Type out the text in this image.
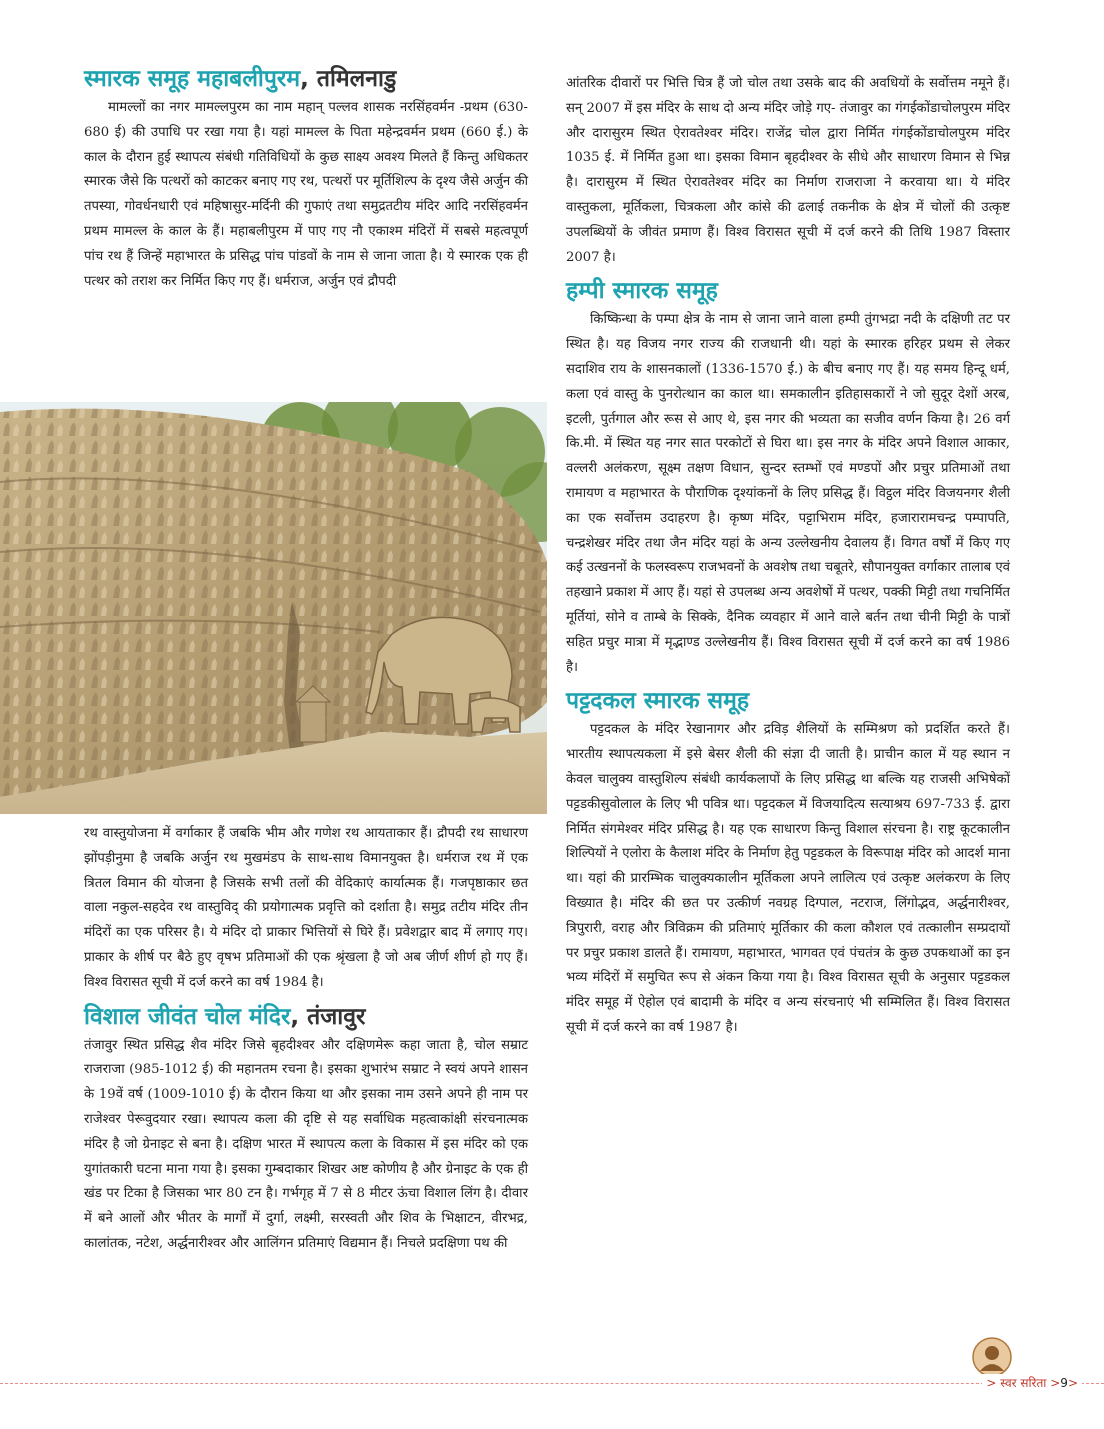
स्मारक समूह महाबलीपुरम, तमिलनाडु

मामल्लों का नगर मामल्लपुरम का नाम महान् पल्लव शासक नरसिंहवर्मन -प्रथम (630-680 ई) की उपाधि पर रखा गया है। यहां मामल्ल के पिता महेन्द्रवर्मन प्रथम (660 ई.) के काल के दौरान हुई स्थापत्य संबंधी गतिविधियों के कुछ साक्ष्य अवश्य मिलते हैं किन्तु अधिकतर स्मारक जैसे कि पत्थरों को काटकर बनाए गए रथ, पत्थरों पर मूर्तिशिल्प के दृश्य जैसे अर्जुन की तपस्या, गोवर्धनधारी एवं महिषासुर-मर्दिनी की गुफाएं तथा समुद्रतटीय मंदिर आदि नरसिंहवर्मन प्रथम मामल्ल के काल के हैं। महाबलीपुरम में पाए गए नौ एकाश्म मंदिरों में सबसे महत्वपूर्ण पांच रथ हैं जिन्हें महाभारत के प्रसिद्ध पांच पांडवों के नाम से जाना जाता है। ये स्मारक एक ही पत्थर को तराश कर निर्मित किए गए हैं। धर्मराज, अर्जुन एवं द्रौपदी

रथ वास्तुयोजना में वर्गाकार हैं जबकि भीम और गणेश रथ आयताकार हैं। द्रौपदी रथ साधारण झोंपड़ीनुमा है जबकि अर्जुन रथ मुखमंडप के साथ-साथ विमानयुक्त है। धर्मराज रथ में एक त्रितल विमान की योजना है जिसके सभी तलों की वेदिकाएं कार्यात्मक हैं। गजपृष्ठाकार छत वाला नकुल-सहदेव रथ वास्तुविद् की प्रयोगात्मक प्रवृत्ति को दर्शाता है। समुद्र तटीय मंदिर तीन मंदिरों का एक परिसर है। ये मंदिर दो प्राकार भित्तियों से घिरे हैं। प्रवेशद्वार बाद में लगाए गए। प्राकार के शीर्ष पर बैठे हुए वृषभ प्रतिमाओं की एक श्रृंखला है जो अब जीर्ण शीर्ण हो गए हैं। विश्व विरासत सूची में दर्ज करने का वर्ष 1984 है।

विशाल जीवंत चोल मंदिर, तंजावुर

तंजावुर स्थित प्रसिद्ध शैव मंदिर जिसे बृहदीश्वर और दक्षिणमेरू कहा जाता है, चोल सम्राट राजराजा (985-1012 ई) की महानतम रचना है। इसका शुभारंभ सम्राट ने स्वयं अपने शासन के 19वें वर्ष (1009-1010 ई) के दौरान किया था और इसका नाम उसने अपने ही नाम पर राजेश्वर पेरूवुदयार रखा। स्थापत्य कला की दृष्टि से यह सर्वाधिक महत्वाकांक्षी संरचनात्मक मंदिर है जो ग्रेनाइट से बना है। दक्षिण भारत में स्थापत्य कला के विकास में इस मंदिर को एक युगांतकारी घटना माना गया है। इसका गुम्बदाकार शिखर अष्ट कोणीय है और ग्रेनाइट के एक ही खंड पर टिका है जिसका भार 80 टन है। गर्भगृह में 7 से 8 मीटर ऊंचा विशाल लिंग है। दीवार में बने आलों और भीतर के मार्गों में दुर्गा, लक्ष्मी, सरस्वती और शिव के भिक्षाटन, वीरभद्र, कालांतक, नटेश, अर्द्धनारीश्वर और आलिंगन प्रतिमाएं विद्यमान हैं। निचले प्रदक्षिणा पथ की

आंतरिक दीवारों पर भित्ति चित्र हैं जो चोल तथा उसके बाद की अवधियों के सर्वोत्तम नमूने हैं। सन् 2007 में इस मंदिर के साथ दो अन्य मंदिर जोड़े गए- तंजावुर का गंगईकोंडाचोलपुरम मंदिर और दारासुरम स्थित ऐरावतेश्वर मंदिर। राजेंद्र चोल द्वारा निर्मित गंगईकोंडाचोलपुरम मंदिर 1035 ई. में निर्मित हुआ था। इसका विमान बृहदीश्वर के सीधे और साधारण विमान से भिन्न है। दारासुरम में स्थित ऐरावतेश्वर मंदिर का निर्माण राजराजा ने करवाया था। ये मंदिर वास्तुकला, मूर्तिकला, चित्रकला और कांसे की ढलाई तकनीक के क्षेत्र में चोलों की उत्कृष्ट उपलब्धियों के जीवंत प्रमाण हैं। विश्व विरासत सूची में दर्ज करने की तिथि 1987 विस्तार 2007 है।

हम्पी स्मारक समूह

किष्किन्धा के पम्पा क्षेत्र के नाम से जाना जाने वाला हम्पी तुंगभद्रा नदी के दक्षिणी तट पर स्थित है। यह विजय नगर राज्य की राजधानी थी। यहां के स्मारक हरिहर प्रथम से लेकर सदाशिव राय के शासनकालों (1336-1570 ई.) के बीच बनाए गए हैं। यह समय हिन्दू धर्म, कला एवं वास्तु के पुनरोत्थान का काल था। समकालीन इतिहासकारों ने जो सुदूर देशों अरब, इटली, पुर्तगाल और रूस से आए थे, इस नगर की भव्यता का सजीव वर्णन किया है। 26 वर्ग कि.मी. में स्थित यह नगर सात परकोटों से घिरा था। इस नगर के मंदिर अपने विशाल आकार, वल्लरी अलंकरण, सूक्ष्म तक्षण विधान, सुन्दर स्तम्भों एवं मण्डपों और प्रचुर प्रतिमाओं तथा रामायण व महाभारत के पौराणिक दृश्यांकनों के लिए प्रसिद्ध हैं। विट्ठल मंदिर विजयनगर शैली का एक सर्वोत्तम उदाहरण है। कृष्ण मंदिर, पट्टाभिराम मंदिर, हजारारामचन्द्र पम्पापति, चन्द्रशेखर मंदिर तथा जैन मंदिर यहां के अन्य उल्लेखनीय देवालय हैं। विगत वर्षों में किए गए कई उत्खननों के फलस्वरूप राजभवनों के अवशेष तथा चबूतरे, सौपानयुक्त वर्गाकार तालाब एवं तहखाने प्रकाश में आए हैं। यहां से उपलब्ध अन्य अवशेषों में पत्थर, पक्की मिट्टी तथा गचनिर्मित मूर्तियां, सोने व ताम्बे के सिक्के, दैनिक व्यवहार में आने वाले बर्तन तथा चीनी मिट्टी के पात्रों सहित प्रचुर मात्रा में मृद्भाण्ड उल्लेखनीय हैं। विश्व विरासत सूची में दर्ज करने का वर्ष 1986 है।

पट्टदकल स्मारक समूह

पट्टदकल के मंदिर रेखानागर और द्रविड़ शैलियों के सम्मिश्रण को प्रदर्शित करते हैं। भारतीय स्थापत्यकला में इसे बेसर शैली की संज्ञा दी जाती है। प्राचीन काल में यह स्थान न केवल चालुक्य वास्तुशिल्प संबंधी कार्यकलापों के लिए प्रसिद्ध था बल्कि यह राजसी अभिषेकों पट्टडकीसुवोलाल के लिए भी पवित्र था। पट्टदकल में विजयादित्य सत्याश्रय 697-733 ई. द्वारा निर्मित संगमेश्वर मंदिर प्रसिद्ध है। यह एक साधारण किन्तु विशाल संरचना है। राष्ट्र कूटकालीन शिल्पियों ने एलोरा के कैलाश मंदिर के निर्माण हेतु पट्टडकल के विरूपाक्ष मंदिर को आदर्श माना था। यहां की प्रारम्भिक चालुक्यकालीन मूर्तिकला अपने लालित्य एवं उत्कृष्ट अलंकरण के लिए विख्यात है। मंदिर की छत पर उत्कीर्ण नवग्रह दिग्पाल, नटराज, लिंगोद्भव, अर्द्धनारीश्वर, त्रिपुरारी, वराह और त्रिविक्रम की प्रतिमाएं मूर्तिकार की कला कौशल एवं तत्कालीन सम्प्रदायों पर प्रचुर प्रकाश डालते हैं। रामायण, महाभारत, भागवत एवं पंचतंत्र के कुछ उपकथाओं का इन भव्य मंदिरों में समुचित रूप से अंकन किया गया है। विश्व विरासत सूची के अनुसार पट्टडकल मंदिर समूह में ऐहोल एवं बादामी के मंदिर व अन्य संरचनाएं भी सम्मिलित हैं। विश्व विरासत सूची में दर्ज करने का वर्ष 1987 है।

> स्वर सरिता >9>
